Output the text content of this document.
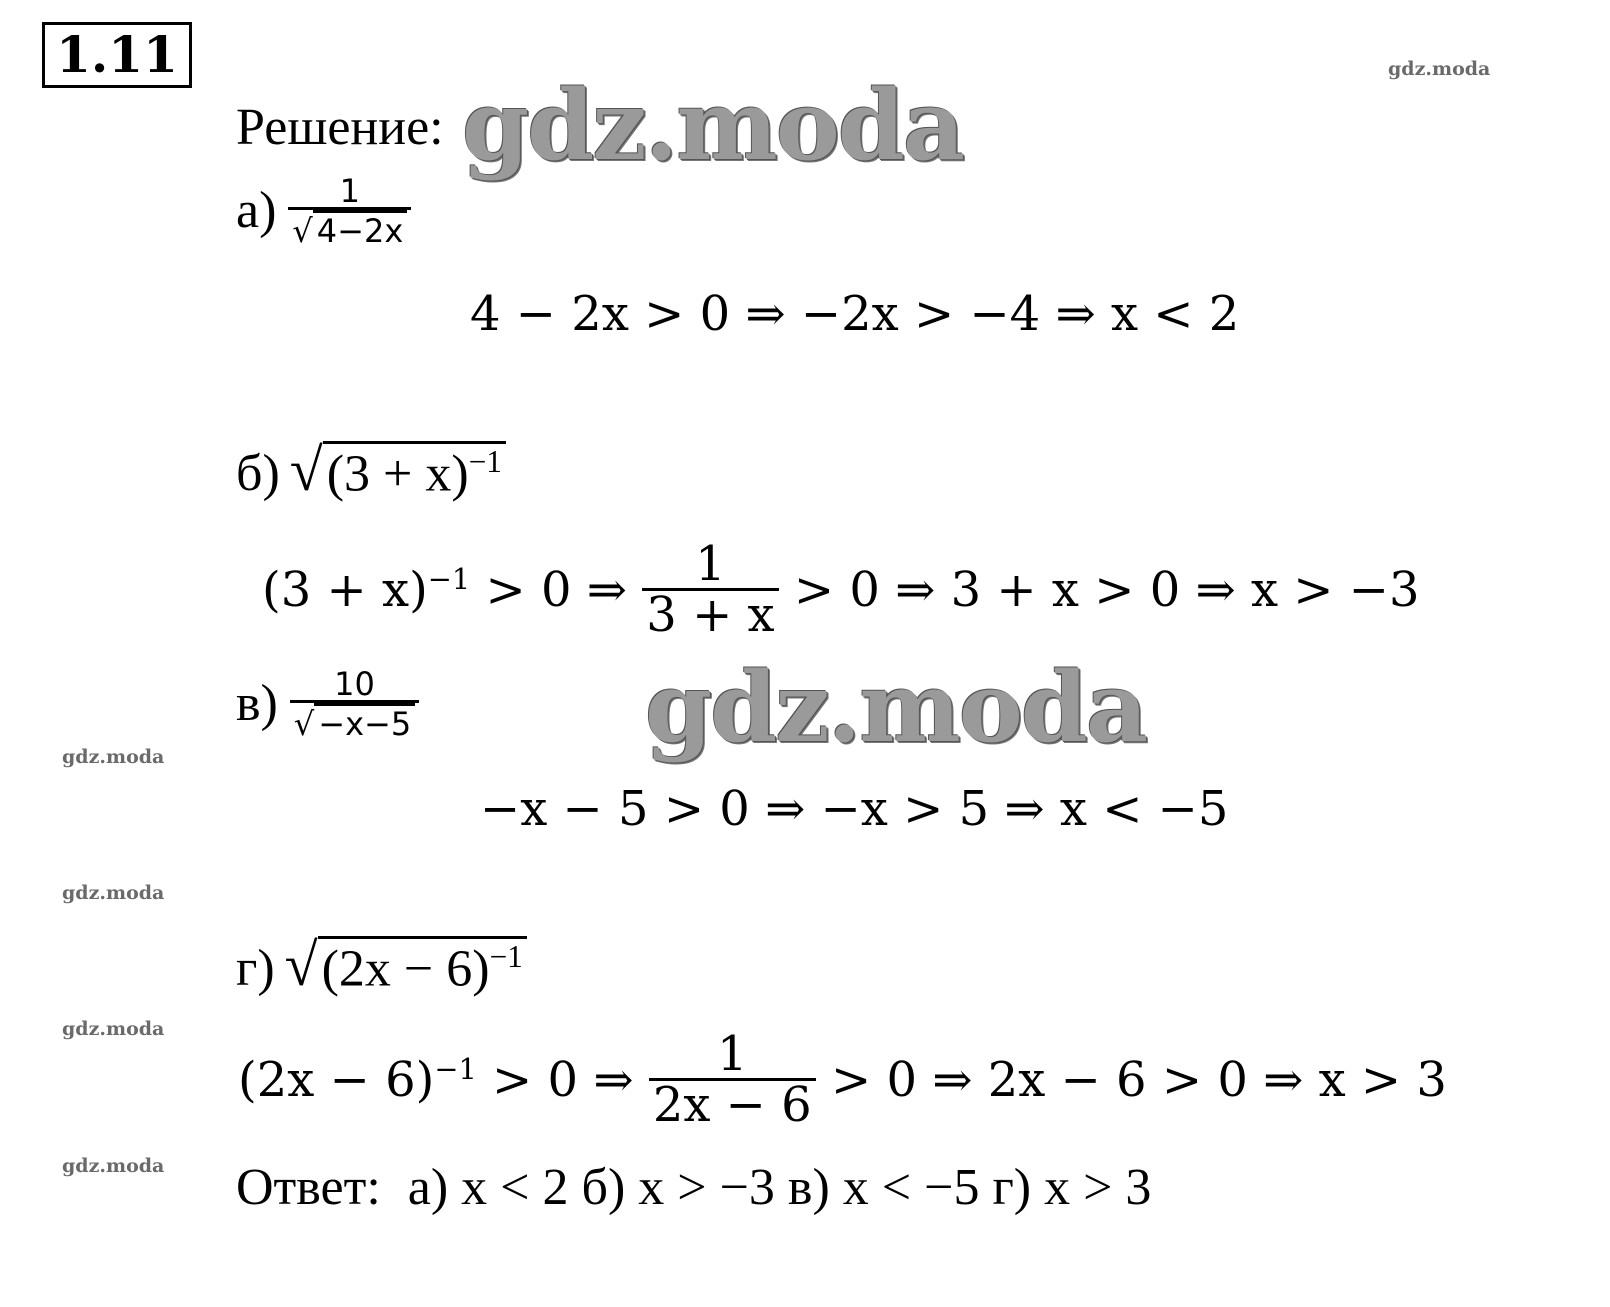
1.11	gdz.moda
gdz.moda
gdz.moda
gdz.moda
gdz.moda
gdz.moda
gdz.moda
Решение:
$а) \frac{1}{√ 4-2x}$
4 − 2x > 0 ⇒ −2x > −4 ⇒ x < 2
б) √ $(3 + x)^{-1}$
$(3 + x)^{-1} > 0$ ⇒ $\frac{1}{3 + x} > 0$ ⇒ 3 + x > 0 ⇒ x > −3
$в) \frac{10}{√ -x-5}$
−x − 5 > 0 ⇒ −x > 5 ⇒ x < −5
г) √ $(2x - 6)^{-1}$
$(2x - 6)^{-1} > 0$ ⇒ $\frac{1}{2x - 6} > 0$ ⇒ 2x − 6 > 0 ⇒ x > 3
Ответ: а) x < 2 б) x > −3 в) x < −5 г) x > 3
